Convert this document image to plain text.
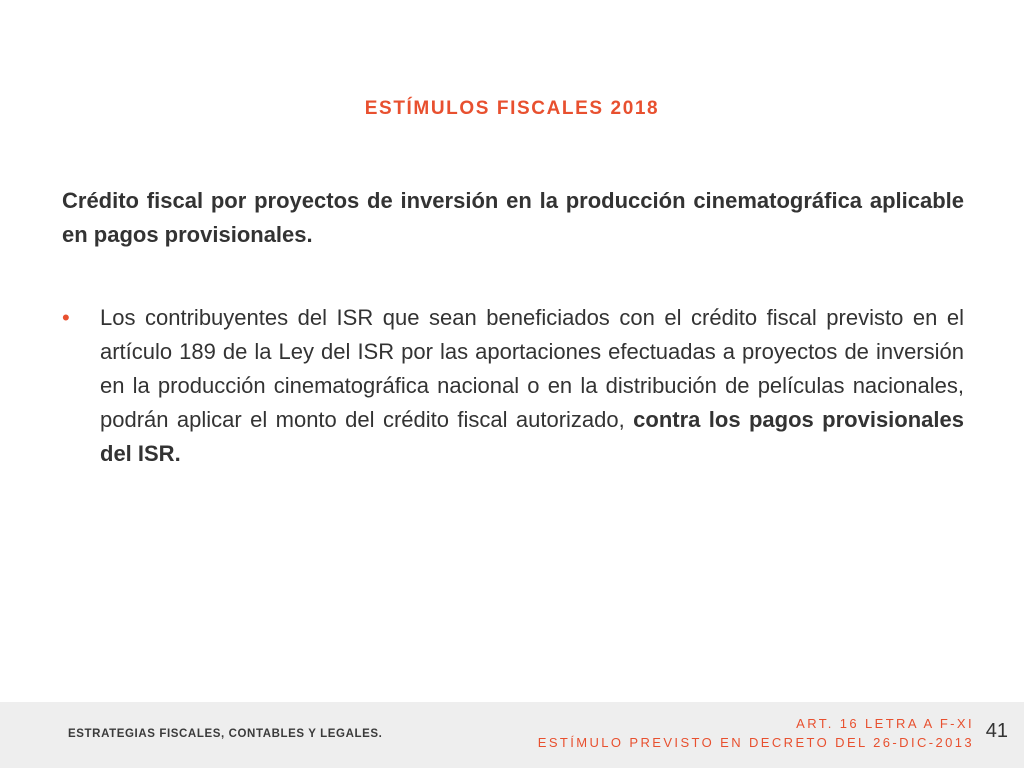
ESTÍMULOS FISCALES 2018

Crédito fiscal por proyectos de inversión en la producción cinematográfica aplicable en pagos provisionales.

• Los contribuyentes del ISR que sean beneficiados con el crédito fiscal previsto en el artículo 189 de la Ley del ISR por las aportaciones efectuadas a proyectos de inversión en la producción cinematográfica nacional o en la distribución de películas nacionales, podrán aplicar el monto del crédito fiscal autorizado, contra los pagos provisionales del ISR.
ESTRATEGIAS FISCALES, CONTABLES Y LEGALES.
ART. 16 LETRA A F-XI
ESTÍMULO PREVISTO EN DECRETO DEL 26-DIC-2013
41
